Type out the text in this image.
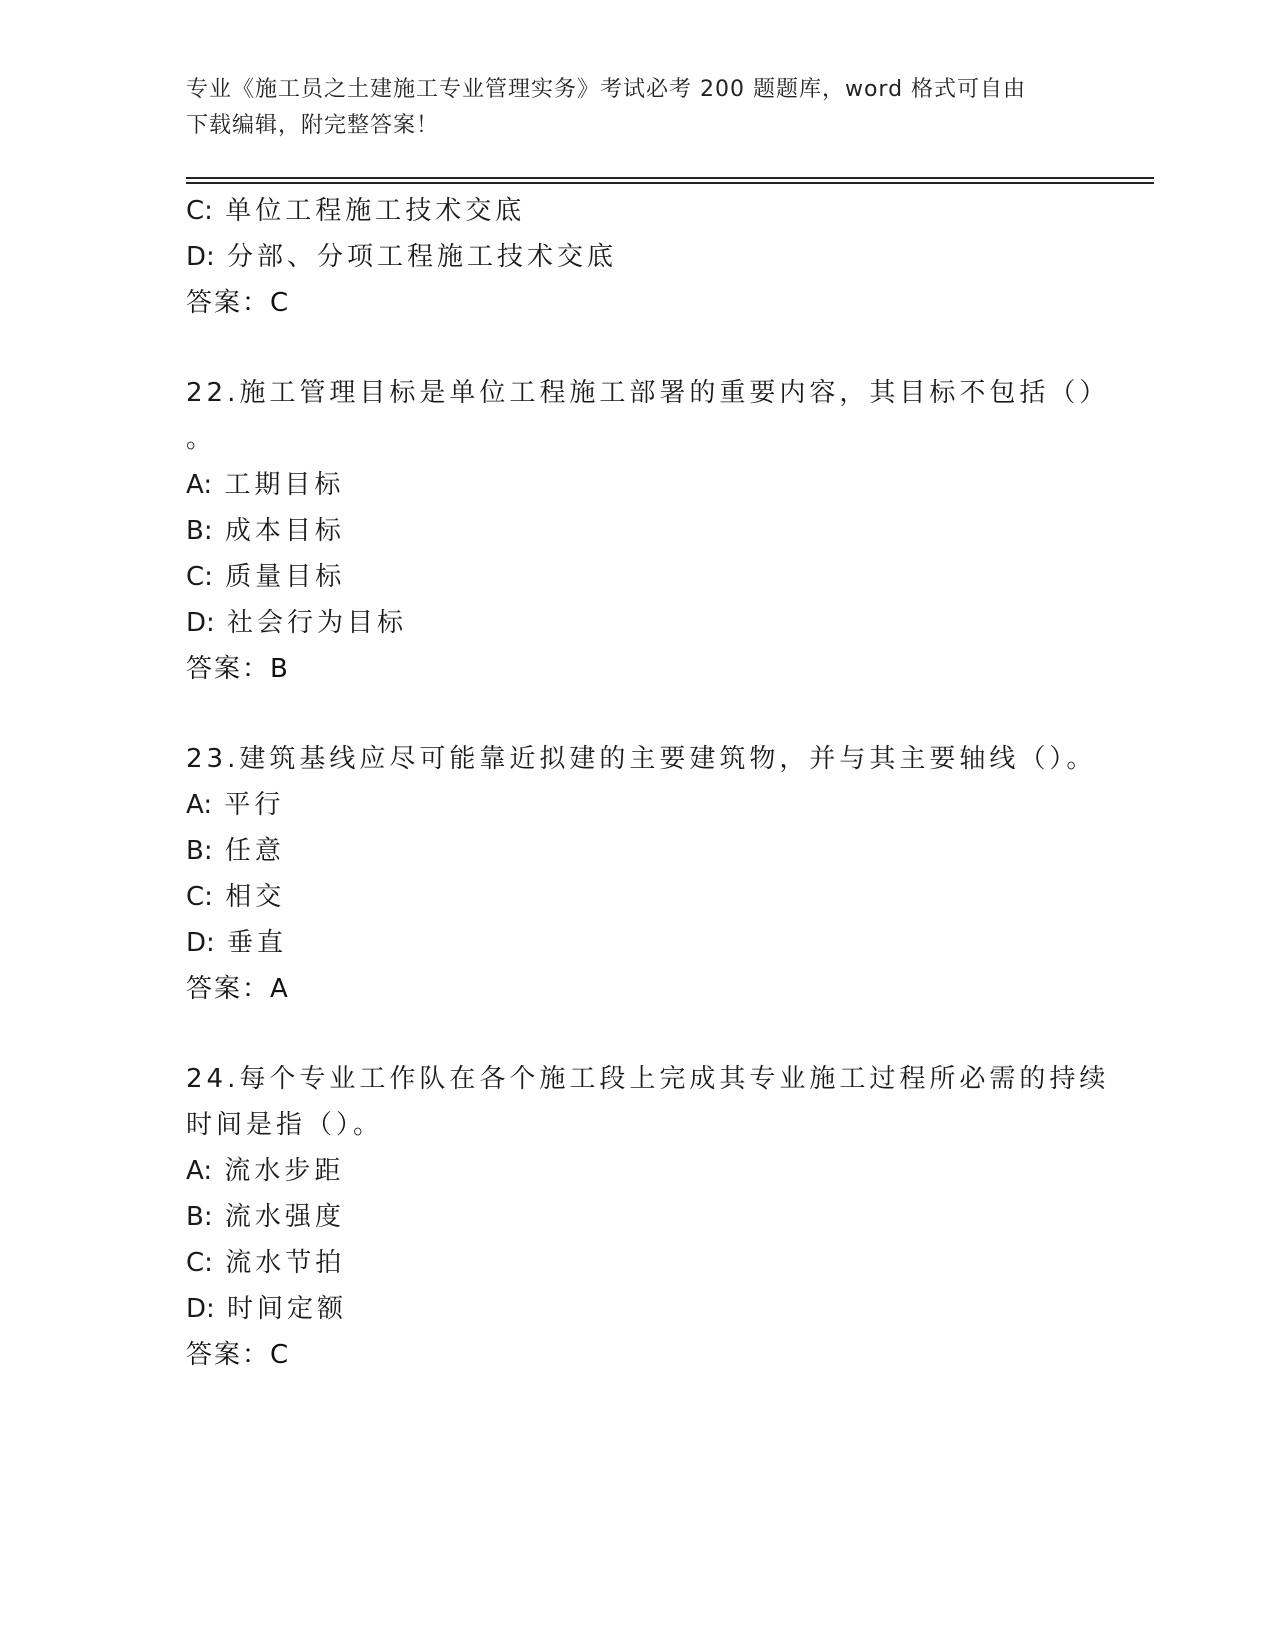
专业《施工员之土建施工专业管理实务》考试必考 200 题题库，word 格式可自由
下载编辑，附完整答案！
C: 单位工程施工技术交底
D: 分部、分项工程施工技术交底
答案：C
22.施工管理目标是单位工程施工部署的重要内容，其目标不包括（）
。
A: 工期目标
B: 成本目标
C: 质量目标
D: 社会行为目标
答案：B
23.建筑基线应尽可能靠近拟建的主要建筑物，并与其主要轴线（）。
A: 平行
B: 任意
C: 相交
D: 垂直
答案：A
24.每个专业工作队在各个施工段上完成其专业施工过程所必需的持续
时间是指（）。
A: 流水步距
B: 流水强度
C: 流水节拍
D: 时间定额
答案：C
